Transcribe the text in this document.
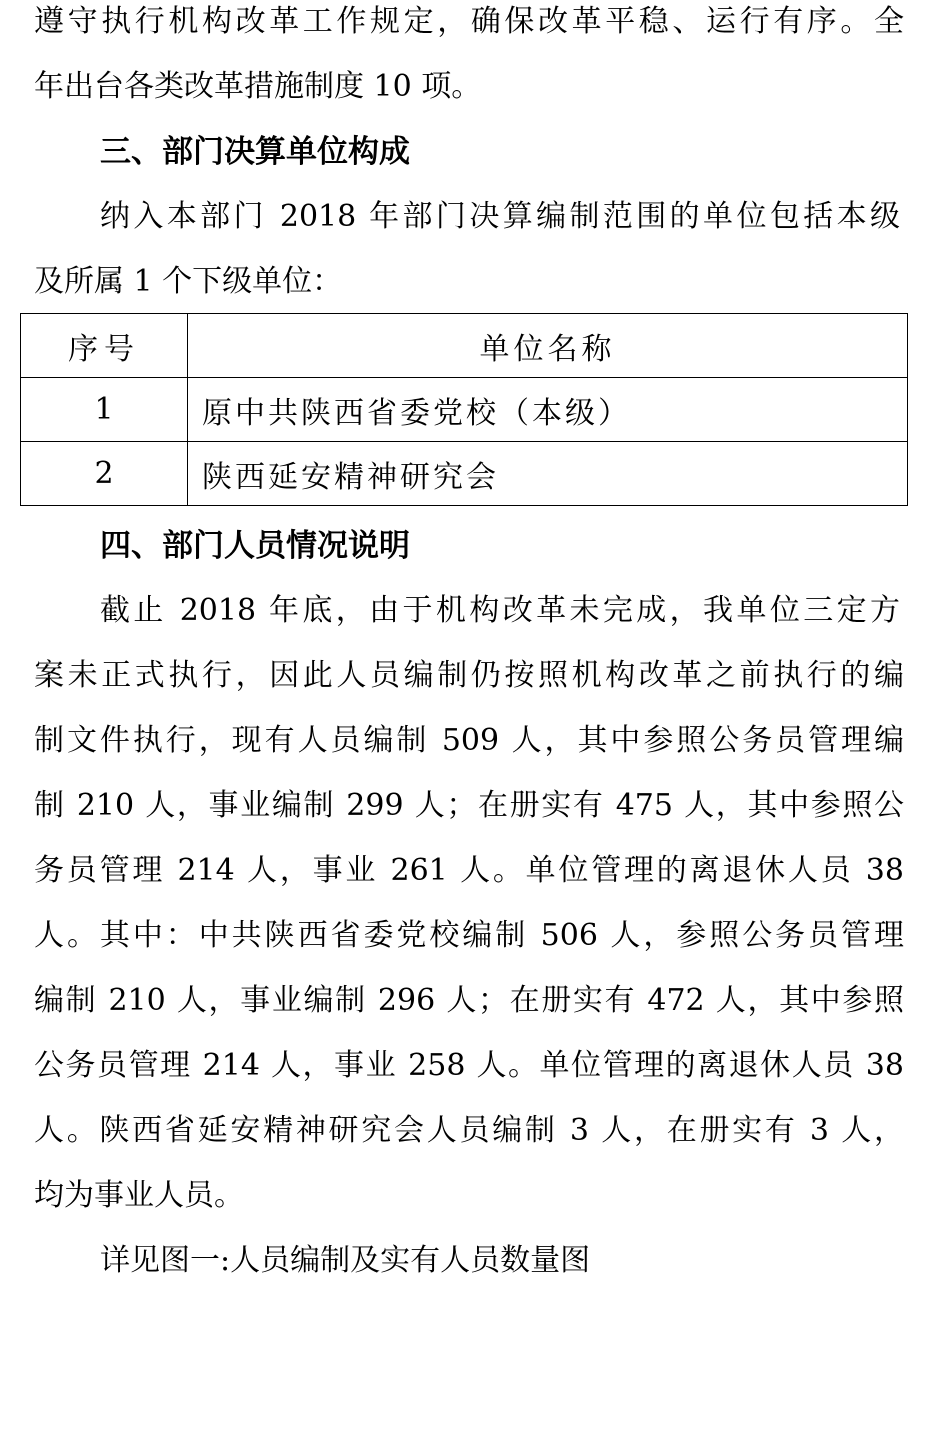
遵守执行机构改革工作规定，确保改革平稳、运行有序。全
年出台各类改革措施制度 10 项。
三、部门决算单位构成
纳入本部门 2018 年部门决算编制范围的单位包括本级
及所属 1 个下级单位：
序号	单位名称
1	原中共陕西省委党校（本级）
2	陕西延安精神研究会
四、部门人员情况说明
截止 2018 年底，由于机构改革未完成，我单位三定方
案未正式执行，因此人员编制仍按照机构改革之前执行的编
制文件执行，现有人员编制 509 人，其中参照公务员管理编
制 210 人，事业编制 299 人；在册实有 475 人，其中参照公
务员管理 214 人，事业 261 人。单位管理的离退休人员 38
人。其中：中共陕西省委党校编制 506 人，参照公务员管理
编制 210 人，事业编制 296 人；在册实有 472 人，其中参照
公务员管理 214 人，事业 258 人。单位管理的离退休人员 38
人。陕西省延安精神研究会人员编制 3 人，在册实有 3 人，
均为事业人员。
详见图一:人员编制及实有人员数量图
